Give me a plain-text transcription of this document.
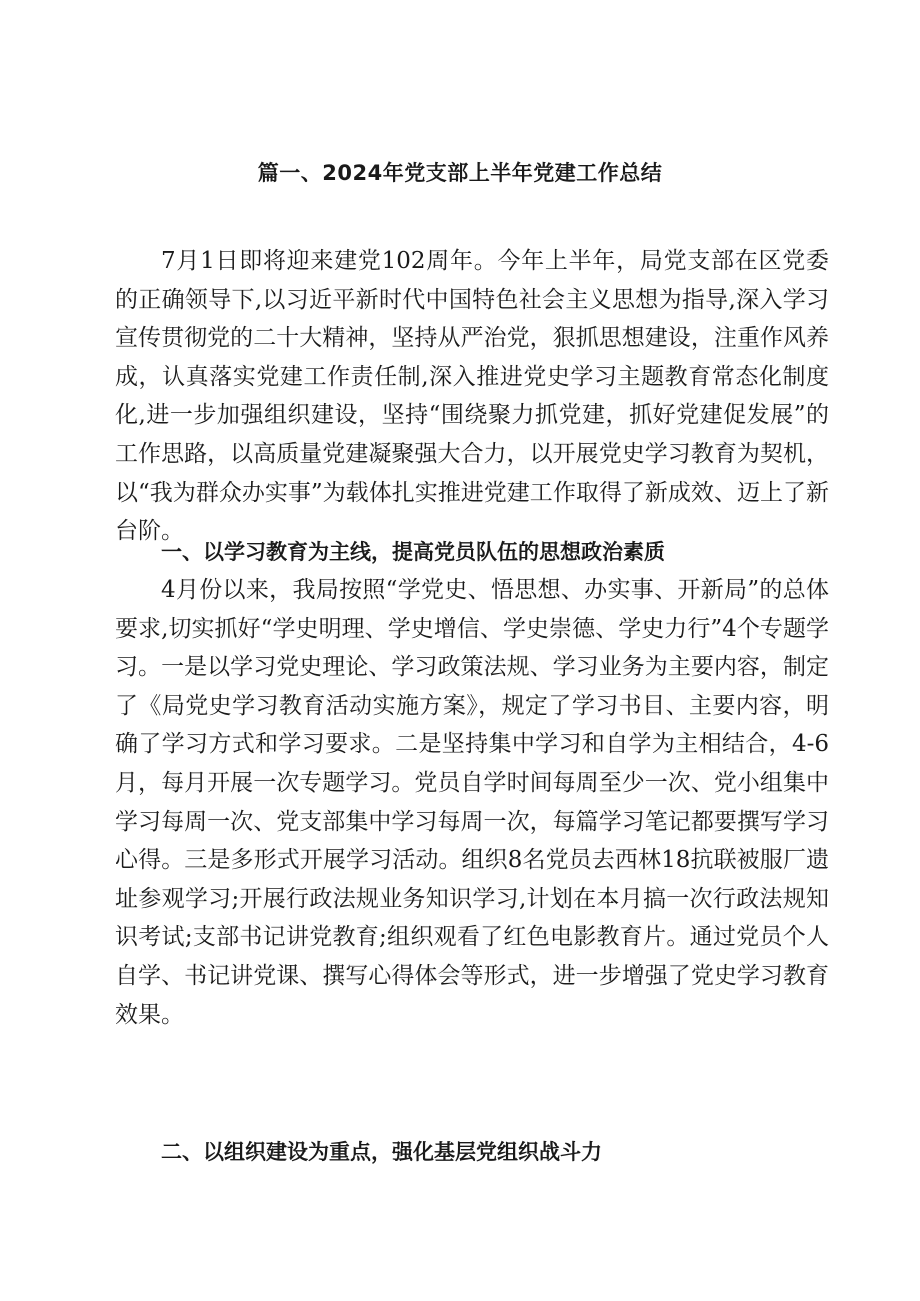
篇一、2024年党支部上半年党建工作总结

7月1日即将迎来建党102周年。今年上半年，局党支部在区党委的正确领导下,以习近平新时代中国特色社会主义思想为指导,深入学习宣传贯彻党的二十大精神，坚持从严治党，狠抓思想建设，注重作风养成，认真落实党建工作责任制,深入推进党史学习主题教育常态化制度化,进一步加强组织建设，坚持“围绕聚力抓党建，抓好党建促发展”的工作思路，以高质量党建凝聚强大合力，以开展党史学习教育为契机，以“我为群众办实事”为载体扎实推进党建工作取得了新成效、迈上了新台阶。

一、以学习教育为主线，提高党员队伍的思想政治素质

4月份以来，我局按照“学党史、悟思想、办实事、开新局”的总体要求,切实抓好“学史明理、学史增信、学史崇德、学史力行”4个专题学习。一是以学习党史理论、学习政策法规、学习业务为主要内容，制定了《局党史学习教育活动实施方案》，规定了学习书目、主要内容，明确了学习方式和学习要求。二是坚持集中学习和自学为主相结合，4-6月，每月开展一次专题学习。党员自学时间每周至少一次、党小组集中学习每周一次、党支部集中学习每周一次，每篇学习笔记都要撰写学习心得。三是多形式开展学习活动。组织8名党员去西林18抗联被服厂遗址参观学习;开展行政法规业务知识学习,计划在本月搞一次行政法规知识考试;支部书记讲党教育;组织观看了红色电影教育片。通过党员个人自学、书记讲党课、撰写心得体会等形式，进一步增强了党史学习教育效果。

二、以组织建设为重点，强化基层党组织战斗力
